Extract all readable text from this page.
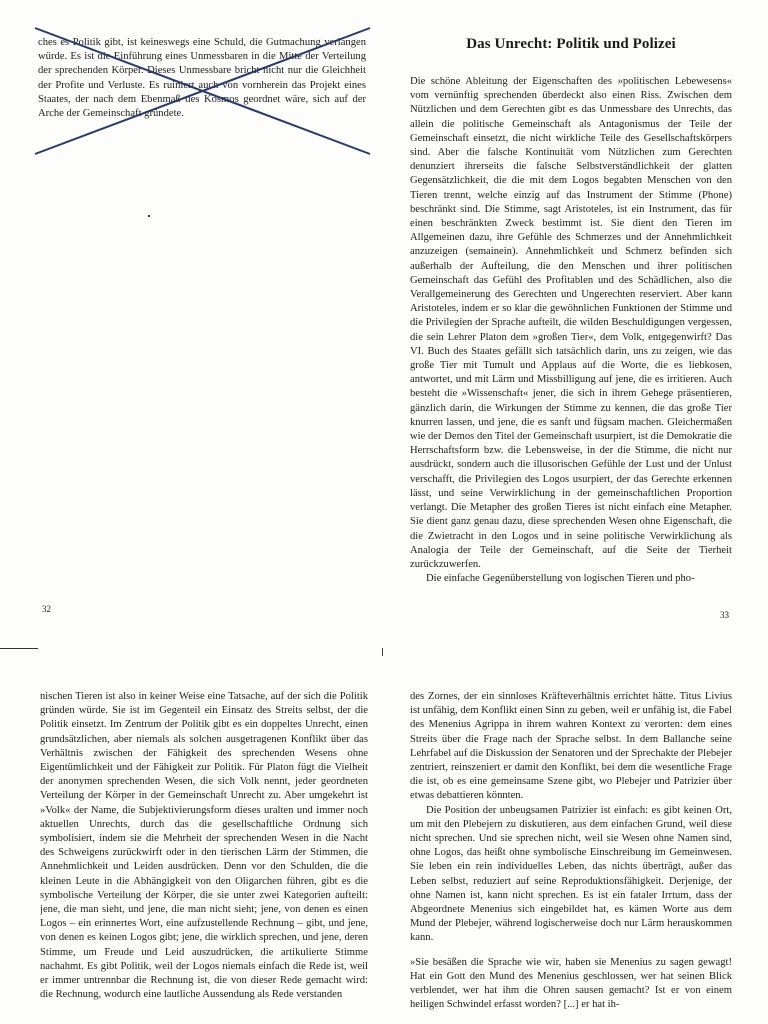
ches es Politik gibt, ist keineswegs eine Schuld, die Gutmachung verlangen würde. Es ist die Einführung eines Unmessbaren in die Mitte der Verteilung der sprechenden Körper. Dieses Unmessbare bricht nicht nur die Gleichheit der Profite und Verluste. Es ruiniert auch von vornherein das Projekt eines Staates, der nach dem Ebenmaß des Kosmos geordnet wäre, sich auf der Arche der Gemeinschaft gründete.

32
Das Unrecht: Politik und Polizei

Die schöne Ableitung der Eigenschaften des »politischen Lebewesens« vom vernünftig sprechenden überdeckt also einen Riss. Zwischen dem Nützlichen und dem Gerechten gibt es das Unmessbare des Unrechts, das allein die politische Gemeinschaft als Antagonismus der Teile der Gemeinschaft einsetzt, die nicht wirkliche Teile des Gesellschaftskörpers sind. Aber die falsche Kontinuität vom Nützlichen zum Gerechten denunziert ihrerseits die falsche Selbstverständlichkeit der glatten Gegensätzlichkeit, die die mit dem Logos begabten Menschen von den Tieren trennt, welche einzig auf das Instrument der Stimme (Phone) beschränkt sind. Die Stimme, sagt Aristoteles, ist ein Instrument, das für einen beschränkten Zweck bestimmt ist. Sie dient den Tieren im Allgemeinen dazu, ihre Gefühle des Schmerzes und der Annehmlichkeit anzuzeigen (semainein). Annehmlichkeit und Schmerz befinden sich außerhalb der Aufteilung, die den Menschen und ihrer politischen Gemeinschaft das Gefühl des Profitablen und des Schädlichen, also die Verallgemeinerung des Gerechten und Ungerechten reserviert. Aber kann Aristoteles, indem er so klar die gewöhnlichen Funktionen der Stimme und die Privilegien der Sprache aufteilt, die wilden Beschuldigungen vergessen, die sein Lehrer Platon dem »großen Tier«, dem Volk, entgegenwirft? Das VI. Buch des Staates gefällt sich tatsächlich darin, uns zu zeigen, wie das große Tier mit Tumult und Applaus auf die Worte, die es liebkosen, antwortet, und mit Lärm und Missbilligung auf jene, die es irritieren. Auch besteht die »Wissenschaft« jener, die sich in ihrem Gehege präsentieren, gänzlich darin, die Wirkungen der Stimme zu kennen, die das große Tier knurren lassen, und jene, die es sanft und fügsam machen. Gleichermaßen wie der Demos den Titel der Gemeinschaft usurpiert, ist die Demokratie die Herrschaftsform bzw. die Lebensweise, in der die Stimme, die nicht nur ausdrückt, sondern auch die illusorischen Gefühle der Lust und der Unlust verschafft, die Privilegien des Logos usurpiert, der das Gerechte erkennen lässt, und seine Verwirklichung in der gemeinschaftlichen Proportion verlangt. Die Metapher des großen Tieres ist nicht einfach eine Metapher. Sie dient ganz genau dazu, diese sprechenden Wesen ohne Eigenschaft, die die Zwietracht in den Logos und in seine politische Verwirklichung als Analogia der Teile der Gemeinschaft, auf die Seite der Tierheit zurückzuwerfen.

Die einfache Gegenüberstellung von logischen Tieren und pho-

33

nischen Tieren ist also in keiner Weise eine Tatsache, auf der sich die Politik gründen würde. Sie ist im Gegenteil ein Einsatz des Streits selbst, der die Politik einsetzt. Im Zentrum der Politik gibt es ein doppeltes Unrecht, einen grundsätzlichen, aber niemals als solchen ausgetragenen Konflikt über das Verhältnis zwischen der Fähigkeit des sprechenden Wesens ohne Eigentümlichkeit und der Fähigkeit zur Politik. Für Platon fügt die Vielheit der anonymen sprechenden Wesen, die sich Volk nennt, jeder geordneten Verteilung der Körper in der Gemeinschaft Unrecht zu. Aber umgekehrt ist »Volk« der Name, die Subjektivierungsform dieses uralten und immer noch aktuellen Unrechts, durch das die gesellschaftliche Ordnung sich symbolisiert, indem sie die Mehrheit der sprechenden Wesen in die Nacht des Schweigens zurückwirft oder in den tierischen Lärm der Stimmen, die Annehmlichkeit und Leiden ausdrücken. Denn vor den Schulden, die die kleinen Leute in die Abhängigkeit von den Oligarchen führen, gibt es die symbolische Verteilung der Körper, die sie unter zwei Kategorien aufteilt: jene, die man sieht, und jene, die man nicht sieht; jene, von denen es einen Logos – ein erinnertes Wort, eine aufzustellende Rechnung – gibt, und jene, von denen es keinen Logos gibt; jene, die wirklich sprechen, und jene, deren Stimme, um Freude und Leid auszudrücken, die artikulierte Stimme nachahmt. Es gibt Politik, weil der Logos niemals einfach die Rede ist, weil er immer untrennbar die Rechnung ist, die von dieser Rede gemacht wird: die Rechnung, wodurch eine lautliche Aussendung als Rede verstanden

des Zornes, der ein sinnloses Kräfteverhältnis errichtet hätte. Titus Livius ist unfähig, dem Konflikt einen Sinn zu geben, weil er unfähig ist, die Fabel des Menenius Agrippa in ihrem wahren Kontext zu verorten: dem eines Streits über die Frage nach der Sprache selbst. In dem Ballanche seine Lehrfabel auf die Diskussion der Senatoren und der Sprechakte der Plebejer zentriert, reinszeniert er damit den Konflikt, bei dem die wesentliche Frage die ist, ob es eine gemeinsame Szene gibt, wo Plebejer und Patrizier über etwas debattieren könnten.

Die Position der unbeugsamen Patrizier ist einfach: es gibt keinen Ort, um mit den Plebejern zu diskutieren, aus dem einfachen Grund, weil diese nicht sprechen. Und sie sprechen nicht, weil sie Wesen ohne Namen sind, ohne Logos, das heißt ohne symbolische Einschreibung im Gemeinwesen. Sie leben ein rein individuelles Leben, das nichts überträgt, außer das Leben selbst, reduziert auf seine Reproduktionsfähigkeit. Derjenige, der ohne Namen ist, kann nicht sprechen. Es ist ein fataler Irrtum, dass der Abgeordnete Menenius sich eingebildet hat, es kämen Worte aus dem Mund der Plebejer, während logischerweise doch nur Lärm herauskommen kann.

»Sie besäßen die Sprache wie wir, haben sie Menenius zu sagen gewagt! Hat ein Gott den Mund des Menenius geschlossen, wer hat seinen Blick verblendet, wer hat ihm die Ohren sausen gemacht? Ist er von einem heiligen Schwindel erfasst worden? [...] er hat ih-
